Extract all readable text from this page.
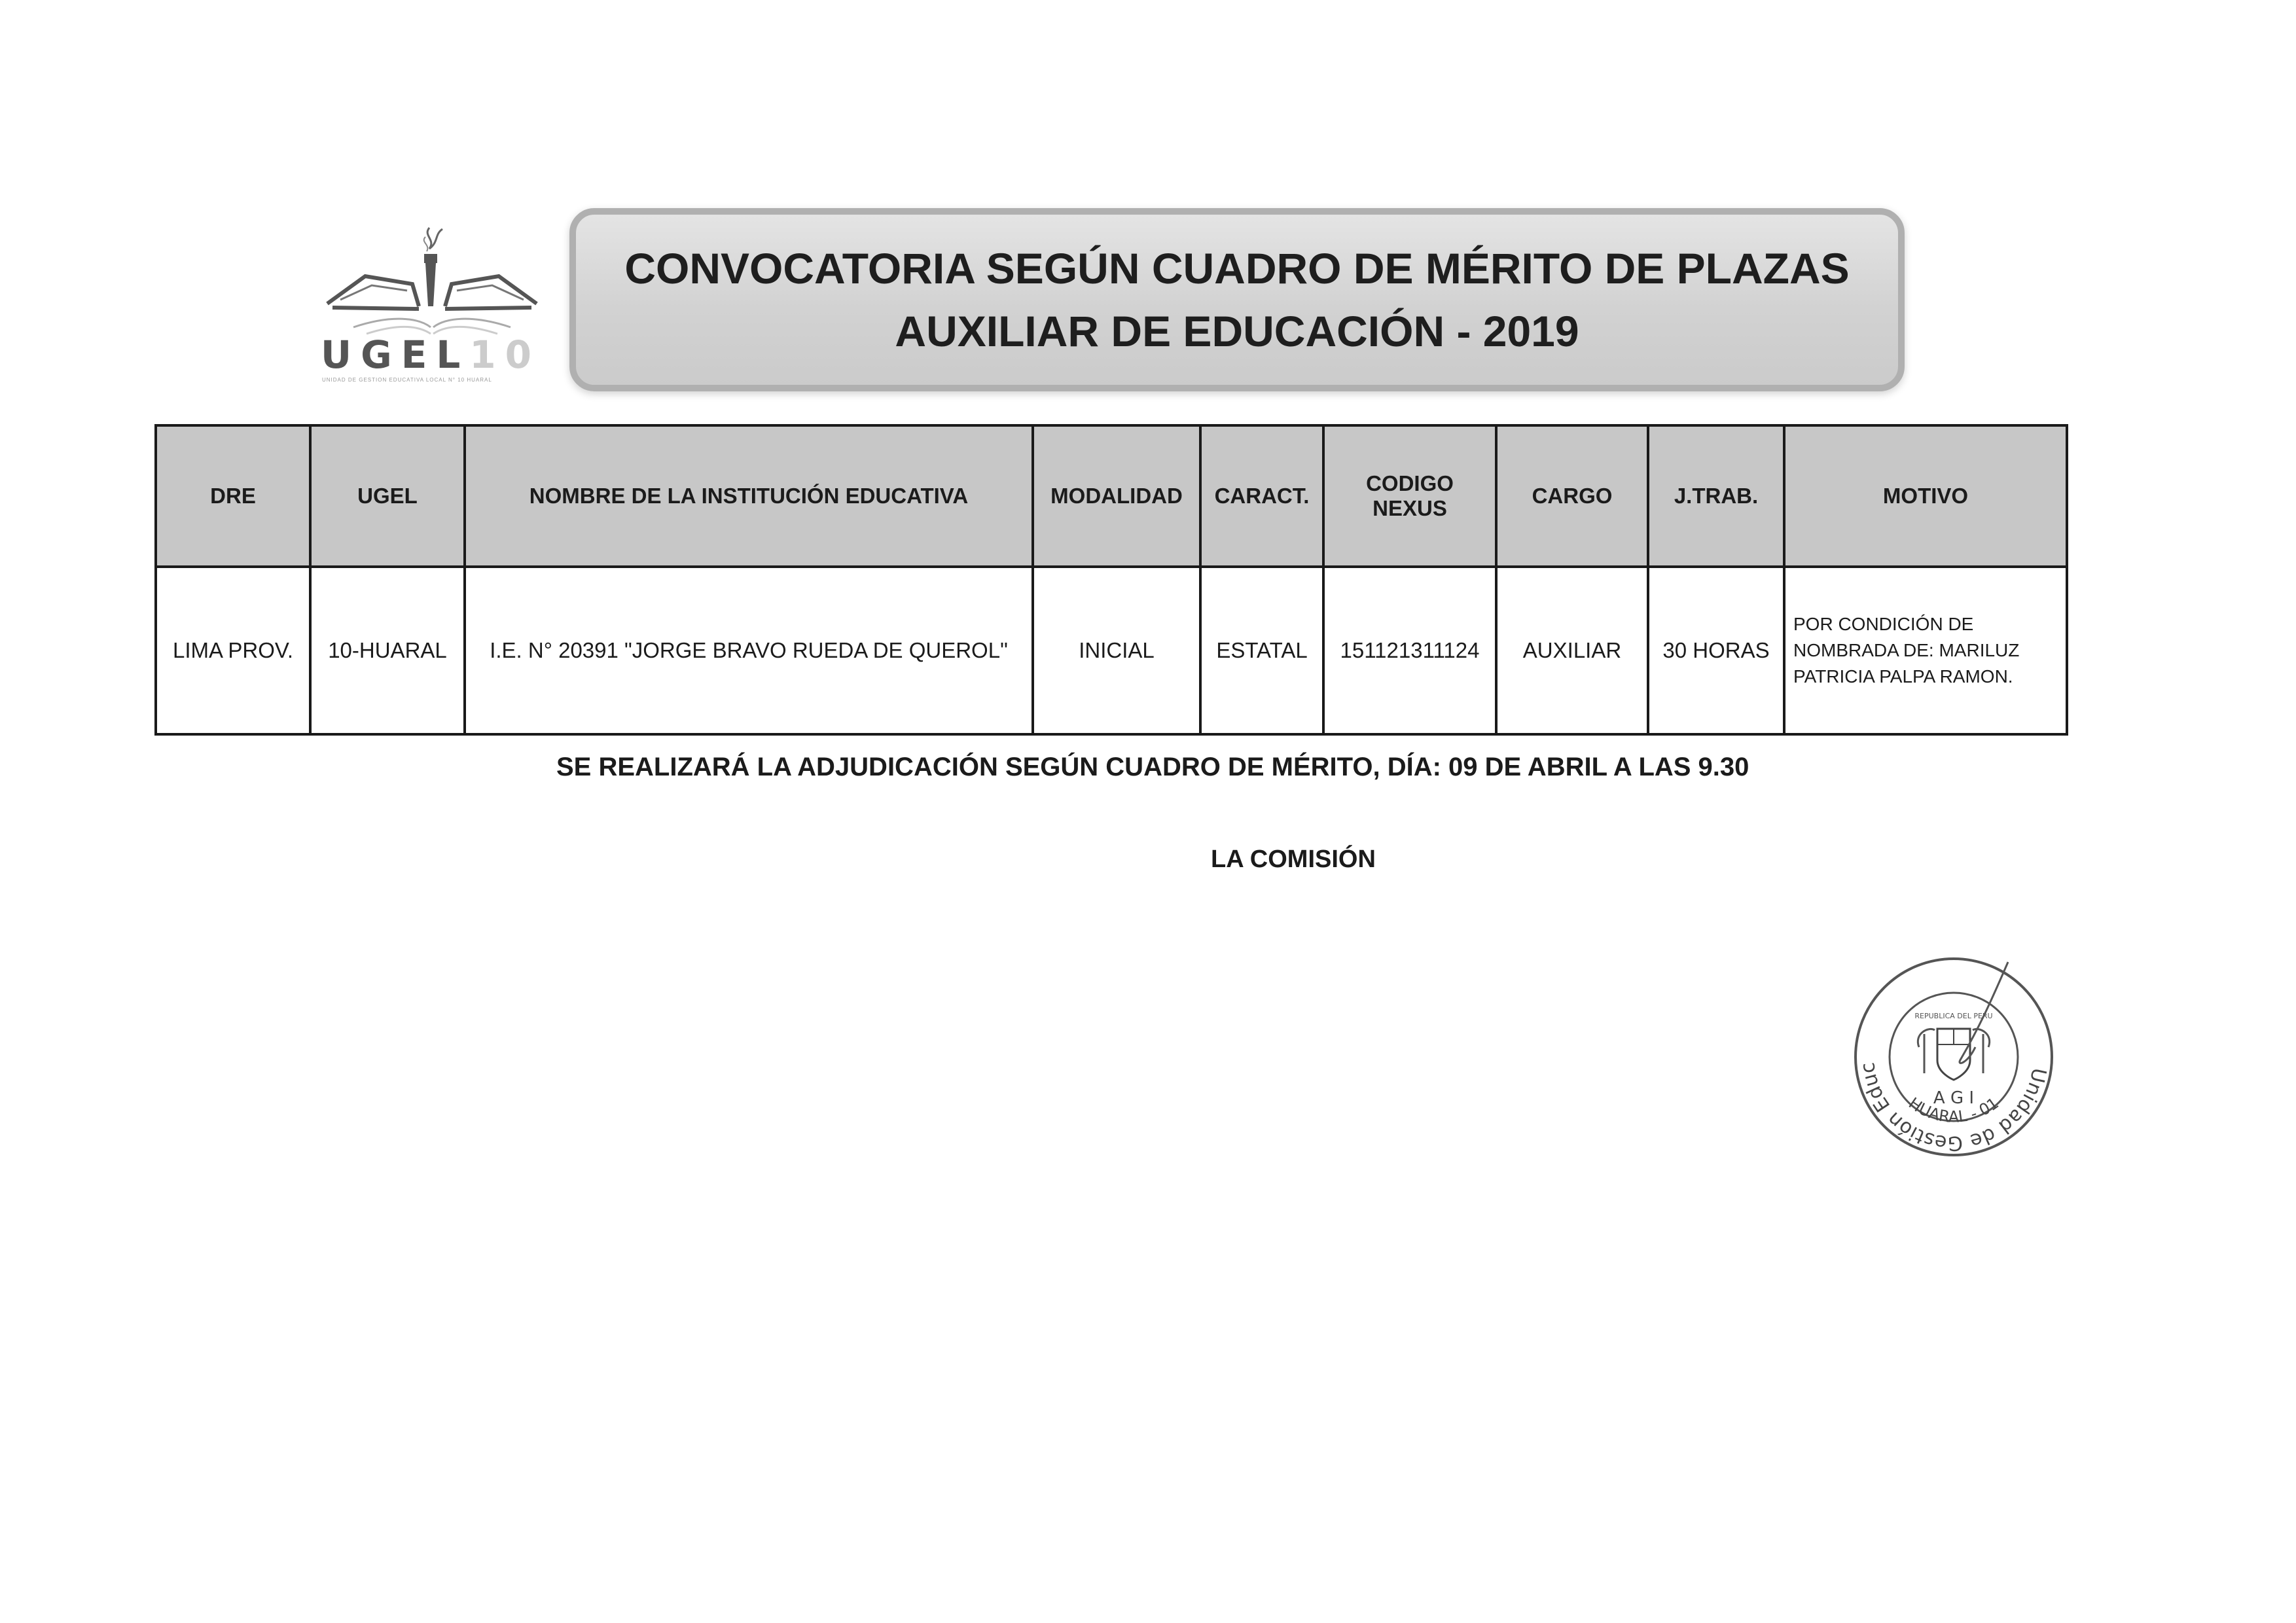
UGEL10
UNIDAD DE GESTION EDUCATIVA LOCAL N° 10 HUARAL
CONVOCATORIA SEGÚN CUADRO DE MÉRITO DE PLAZAS
AUXILIAR DE EDUCACIÓN - 2019
DRE	UGEL	NOMBRE DE LA INSTITUCIÓN EDUCATIVA	MODALIDAD	CARACT.	CODIGO NEXUS	CARGO	J.TRAB.	MOTIVO
LIMA PROV.	10-HUARAL	I.E. N° 20391 "JORGE BRAVO RUEDA DE QUEROL"	INICIAL	ESTATAL	151121311124	AUXILIAR	30 HORAS	POR CONDICIÓN DE NOMBRADA DE: MARILUZ PATRICIA PALPA RAMON.
SE REALIZARÁ LA ADJUDICACIÓN SEGÚN CUADRO DE MÉRITO, DÍA: 09 DE ABRIL A LAS 9.30
LA COMISIÓN
Unidad de Gestión Educ
REPUBLICA DEL PERU
A G I
HUARAL - 01
